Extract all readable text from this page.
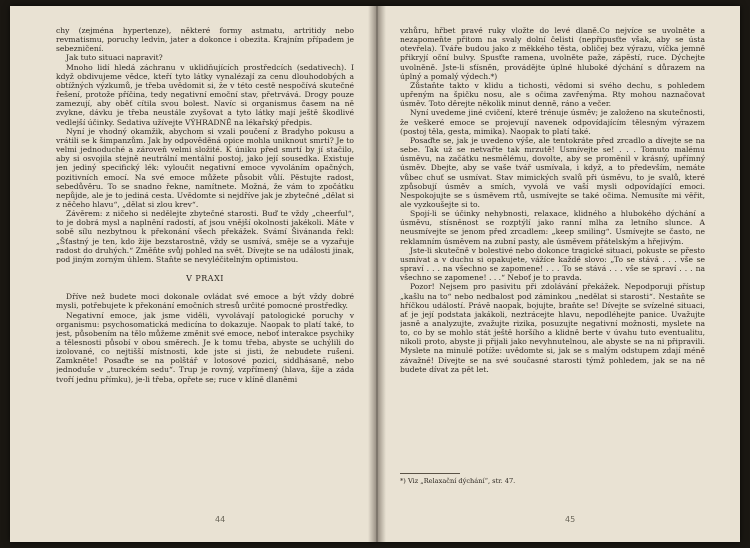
chy (zejména hypertenze), některé formy astmatu, artritidy nebo revmatismu, poruchy ledvin, jater a dokonce i obezita. Krajním případem je sebezničení.

Jak tuto situaci napravit?

Mnoho lidí hledá záchranu v uklidňujících prostředcích (sedativech). I když obdivujeme vědce, kteří tyto látky vynalézají za cenu dlouhodobých a obtížných výzkumů, je třeba uvědomit si, že v této cestě nespočívá skutečné řešení, protože příčina, tedy negativní emoční stav, přetrvává. Drogy pouze zamezují, aby oběť cítila svou bolest. Navíc si organismus časem na ně zvykne, dávku je třeba neustále zvyšovat a tyto látky mají ještě škodlivé vedlejší účinky. Sedativa užívejte VÝHRADNĚ na lékařský předpis.

Nyní je vhodný okamžik, abychom si vzali poučení z Bradyho pokusu a vrátili se k šimpanzům. Jak by odpověděná opice mohla uniknout smrti? Je to velmi jednoduché a zároveň velmi složité. K úniku před smrtí by jí stačilo, aby si osvojila stejně neutrální mentální postoj, jako její sousedka. Existuje jen jediný specifický lék: vyloučit negativní emoce vyvoláním opačných, pozitivních emocí. Na své emoce můžete působit vůlí. Pěstujte radost, sebedůvěru. To se snadno řekne, namítnete. Možná, že vám to zpočátku nepůjde, ale je to jediná cesta. Uvědomte si nejdříve jak je zbytečné „dělat si z něčeho hlavu“, „dělat si zlou krev“.

Závěrem: z ničeho si nedělejte zbytečné starosti. Buď te vždy „cheerful“, to je dobrá mysl a naplnění radostí, ať jsou vnější okolnosti jakékoli. Máte v sobě sílu nezbytnou k překonání všech překážek. Svámí Šivánanda řekl: „Šťastný je ten, kdo žije bezstarostně, vždy se usmívá, směje se a vyzařuje radost do druhých.“ Změňte svůj pohled na svět. Dívejte se na události jinak, pod jiným zorným úhlem. Staňte se nevyléčitelným optimistou.

V PRAXI

Dříve než budete moci dokonale ovládat své emoce a být vždy dobré mysli, potřebujete k překonání emočních stresů určité pomocné prostředky.

Negativní emoce, jak jsme viděli, vyvolávají patologické poruchy v organismu: psychosomatická medicína to dokazuje. Naopak to platí také, to jest, působením na tělo můžeme změnit své emoce, neboť interakce psychiky a tělesnosti působí v obou směrech. Je k tomu třeba, abyste se uchýlili do izolované, co nejtišší místnosti, kde jste si jisti, že nebudete rušeni. Zamkněte! Posaďte se na polštář v lotosové pozici, siddhásaně, nebo jednoduše v „tureckém sedu“. Trup je rovný, vzpřímený (hlava, šíje a záda tvoří jednu přímku), je-li třeba, opřete se; ruce v klíně dlaněmi

vzhůru, hřbet pravé ruky vložte do levé dlaně.Co nejvíce se uvolněte a nezapomeňte přitom na svaly dolní čelisti (nepřipusťte však, aby se ústa otevřela). Tváře budou jako z měkkého těsta, obličej bez výrazu, víčka jemně přikryjí oční bulvy. Spusťte ramena, uvolněte paže, zápěstí, ruce. Dýchejte uvolněně. Jste-li sťísněn, provádějte úplné hluboké dýchání s důrazem na úplný a pomalý výdech.*)

Zůstaňte takto v klidu a tichosti, vědomi si svého dechu, s pohledem upřeným na špičku nosu, ale s očima zavřenýma. Rty mohou naznačovat úsměv. Toto děrejte několik minut denně, ráno a večer.

Nyní uvedeme jiné cvičení, které trénuje úsměv; je založeno na skutečnosti, že veškeré emoce se projevují navenek odpovídajícím tělesným výrazem (postoj těla, gesta, mimika). Naopak to platí také.

Posaďte se, jak je uvedeno výše, ale tentokráte před zrcadlo a dívejte se na sebe. Tak už se netvařte tak mrzutě! Usmívejte se! . . . Tomuto malému úsměvu, na začátku nesmělému, dovolte, aby se proměnil v krásný, upřímný úsměv. Dbejte, aby se vaše tvář usmívala, i když, a to především, nemáte vůbec chuť se usmívat. Stav mimických svalů při úsměvu, to je svalů, které způsobují úsměv a smích, vyvolá ve vaší mysli odpovídající emoci. Nespokojujte se s úsměvem rtů, usmívejte se také očima. Nemusíte mi věřit, ale vyzkoušejte si to.

Spojí-li se účinky nehybnosti, relaxace, klidného a hlubokého dýchání a úsměvu, stísněnost se rozptýlí jako ranní mlha za letního slunce. A neusmívejte se jenom před zrcadlem: „keep smiling“. Usmívejte se často, ne reklamním úsměvem na zubní pasty, ale úsměvem přátelským a hřejivým.

Jste-li skutečně v bolestivé nebo dokonce tragické situaci, pokuste se přesto usmívat a v duchu si opakujete, vážíce každé slovo: „To se stává . . . vše se spraví . . . na všechno se zapomene! . . . To se stává . . . vše se spraví . . . na všechno se zapomene! . . .“ Neboť je to pravda.

Pozor! Nejsem pro pasivitu při zdolávání překážek. Nepodporuji přístup „kašlu na to“ nebo nedbalost pod záminkou „nedělat si starosti“. Nestaňte se hříčkou událostí. Právě naopak, bojujte, braňte se! Dívejte se svízelné situaci, ať je její podstata jakákoli, neztrácejte hlavu, nepodléhejte panice. Uvažujte jasně a analyzujte, zvažujte rizika, posuzujte negativní možnosti, myslete na to, co by se mohlo stát ještě horšího a klidně berte v úvahu tuto eventualitu, nikoli proto, abyste ji přijali jako nevyhnutelnou, ale abyste se na ni připravili. Myslete na minulé potíže: uvědomte si, jak se s malým odstupem zdají méně závažné! Dívejte se na své současné starosti týmž pohledem, jak se na ně budete dívat za pět let.

*) Viz „Relaxační dýchání“, str. 47.
44	45
